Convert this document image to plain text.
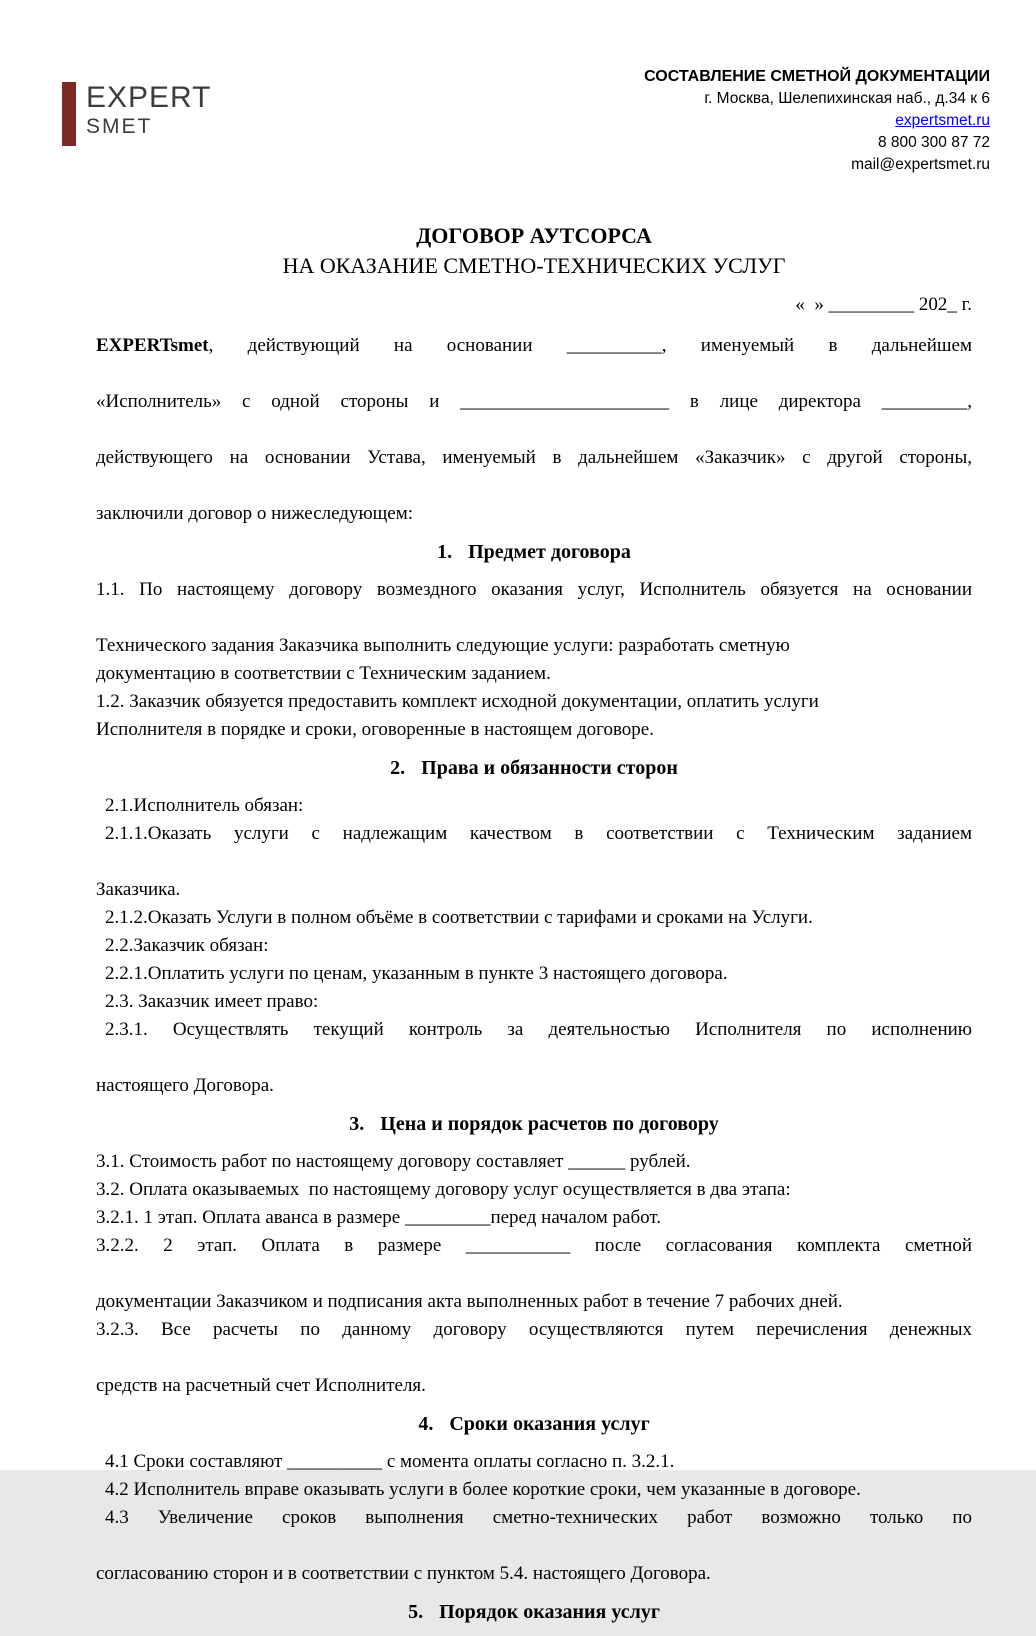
EXPERT
SMET
СОСТАВЛЕНИЕ СМЕТНОЙ ДОКУМЕНТАЦИИ
г. Москва, Шелепихинская наб., д.34 к 6
expertsmet.ru
8 800 300 87 72
mail@expertsmet.ru
ДОГОВОР АУТСОРСА
НА ОКАЗАНИЕ СМЕТНО-ТЕХНИЧЕСКИХ УСЛУГ
«  » _________ 202_ г.
EXPERTsmet, действующий на основании __________, именуемый в дальнейшем
«Исполнитель» с одной стороны и ______________________ в лице директора _________,
действующего на основании Устава, именуемый в дальнейшем «Заказчик» с другой стороны,
заключили договор о нижеследующем:
1. Предмет договора
1.1. По настоящему договору возмездного оказания услуг, Исполнитель обязуется на основании
Технического задания Заказчика выполнить следующие услуги: разработать сметную
документацию в соответствии с Техническим заданием.
1.2. Заказчик обязуется предоставить комплект исходной документации, оплатить услуги
Исполнителя в порядке и сроки, оговоренные в настоящем договоре.
2. Права и обязанности сторон
2.1.Исполнитель обязан:
2.1.1.Оказать услуги с надлежащим качеством в соответствии с Техническим заданием
Заказчика.
2.1.2.Оказать Услуги в полном объёме в соответствии с тарифами и сроками на Услуги.
2.2.Заказчик обязан:
2.2.1.Оплатить услуги по ценам, указанным в пункте 3 настоящего договора.
2.3. Заказчик имеет право:
2.3.1. Осуществлять текущий контроль за деятельностью Исполнителя по исполнению
настоящего Договора.
3. Цена и порядок расчетов по договору
3.1. Стоимость работ по настоящему договору составляет ______ рублей.
3.2. Оплата оказываемых  по настоящему договору услуг осуществляется в два этапа:
3.2.1. 1 этап. Оплата аванса в размере _________перед началом работ.
3.2.2. 2 этап. Оплата в размере ___________ после согласования комплекта сметной
документации Заказчиком и подписания акта выполненных работ в течение 7 рабочих дней.
3.2.3. Все расчеты по данному договору осуществляются путем перечисления денежных
средств на расчетный счет Исполнителя.
4. Сроки оказания услуг
4.1 Сроки составляют __________ с момента оплаты согласно п. 3.2.1.
4.2 Исполнитель вправе оказывать услуги в более короткие сроки, чем указанные в договоре.
4.3 Увеличение сроков выполнения сметно-технических работ возможно только по
согласованию сторон и в соответствии с пунктом 5.4. настоящего Договора.
5. Порядок оказания услуг
